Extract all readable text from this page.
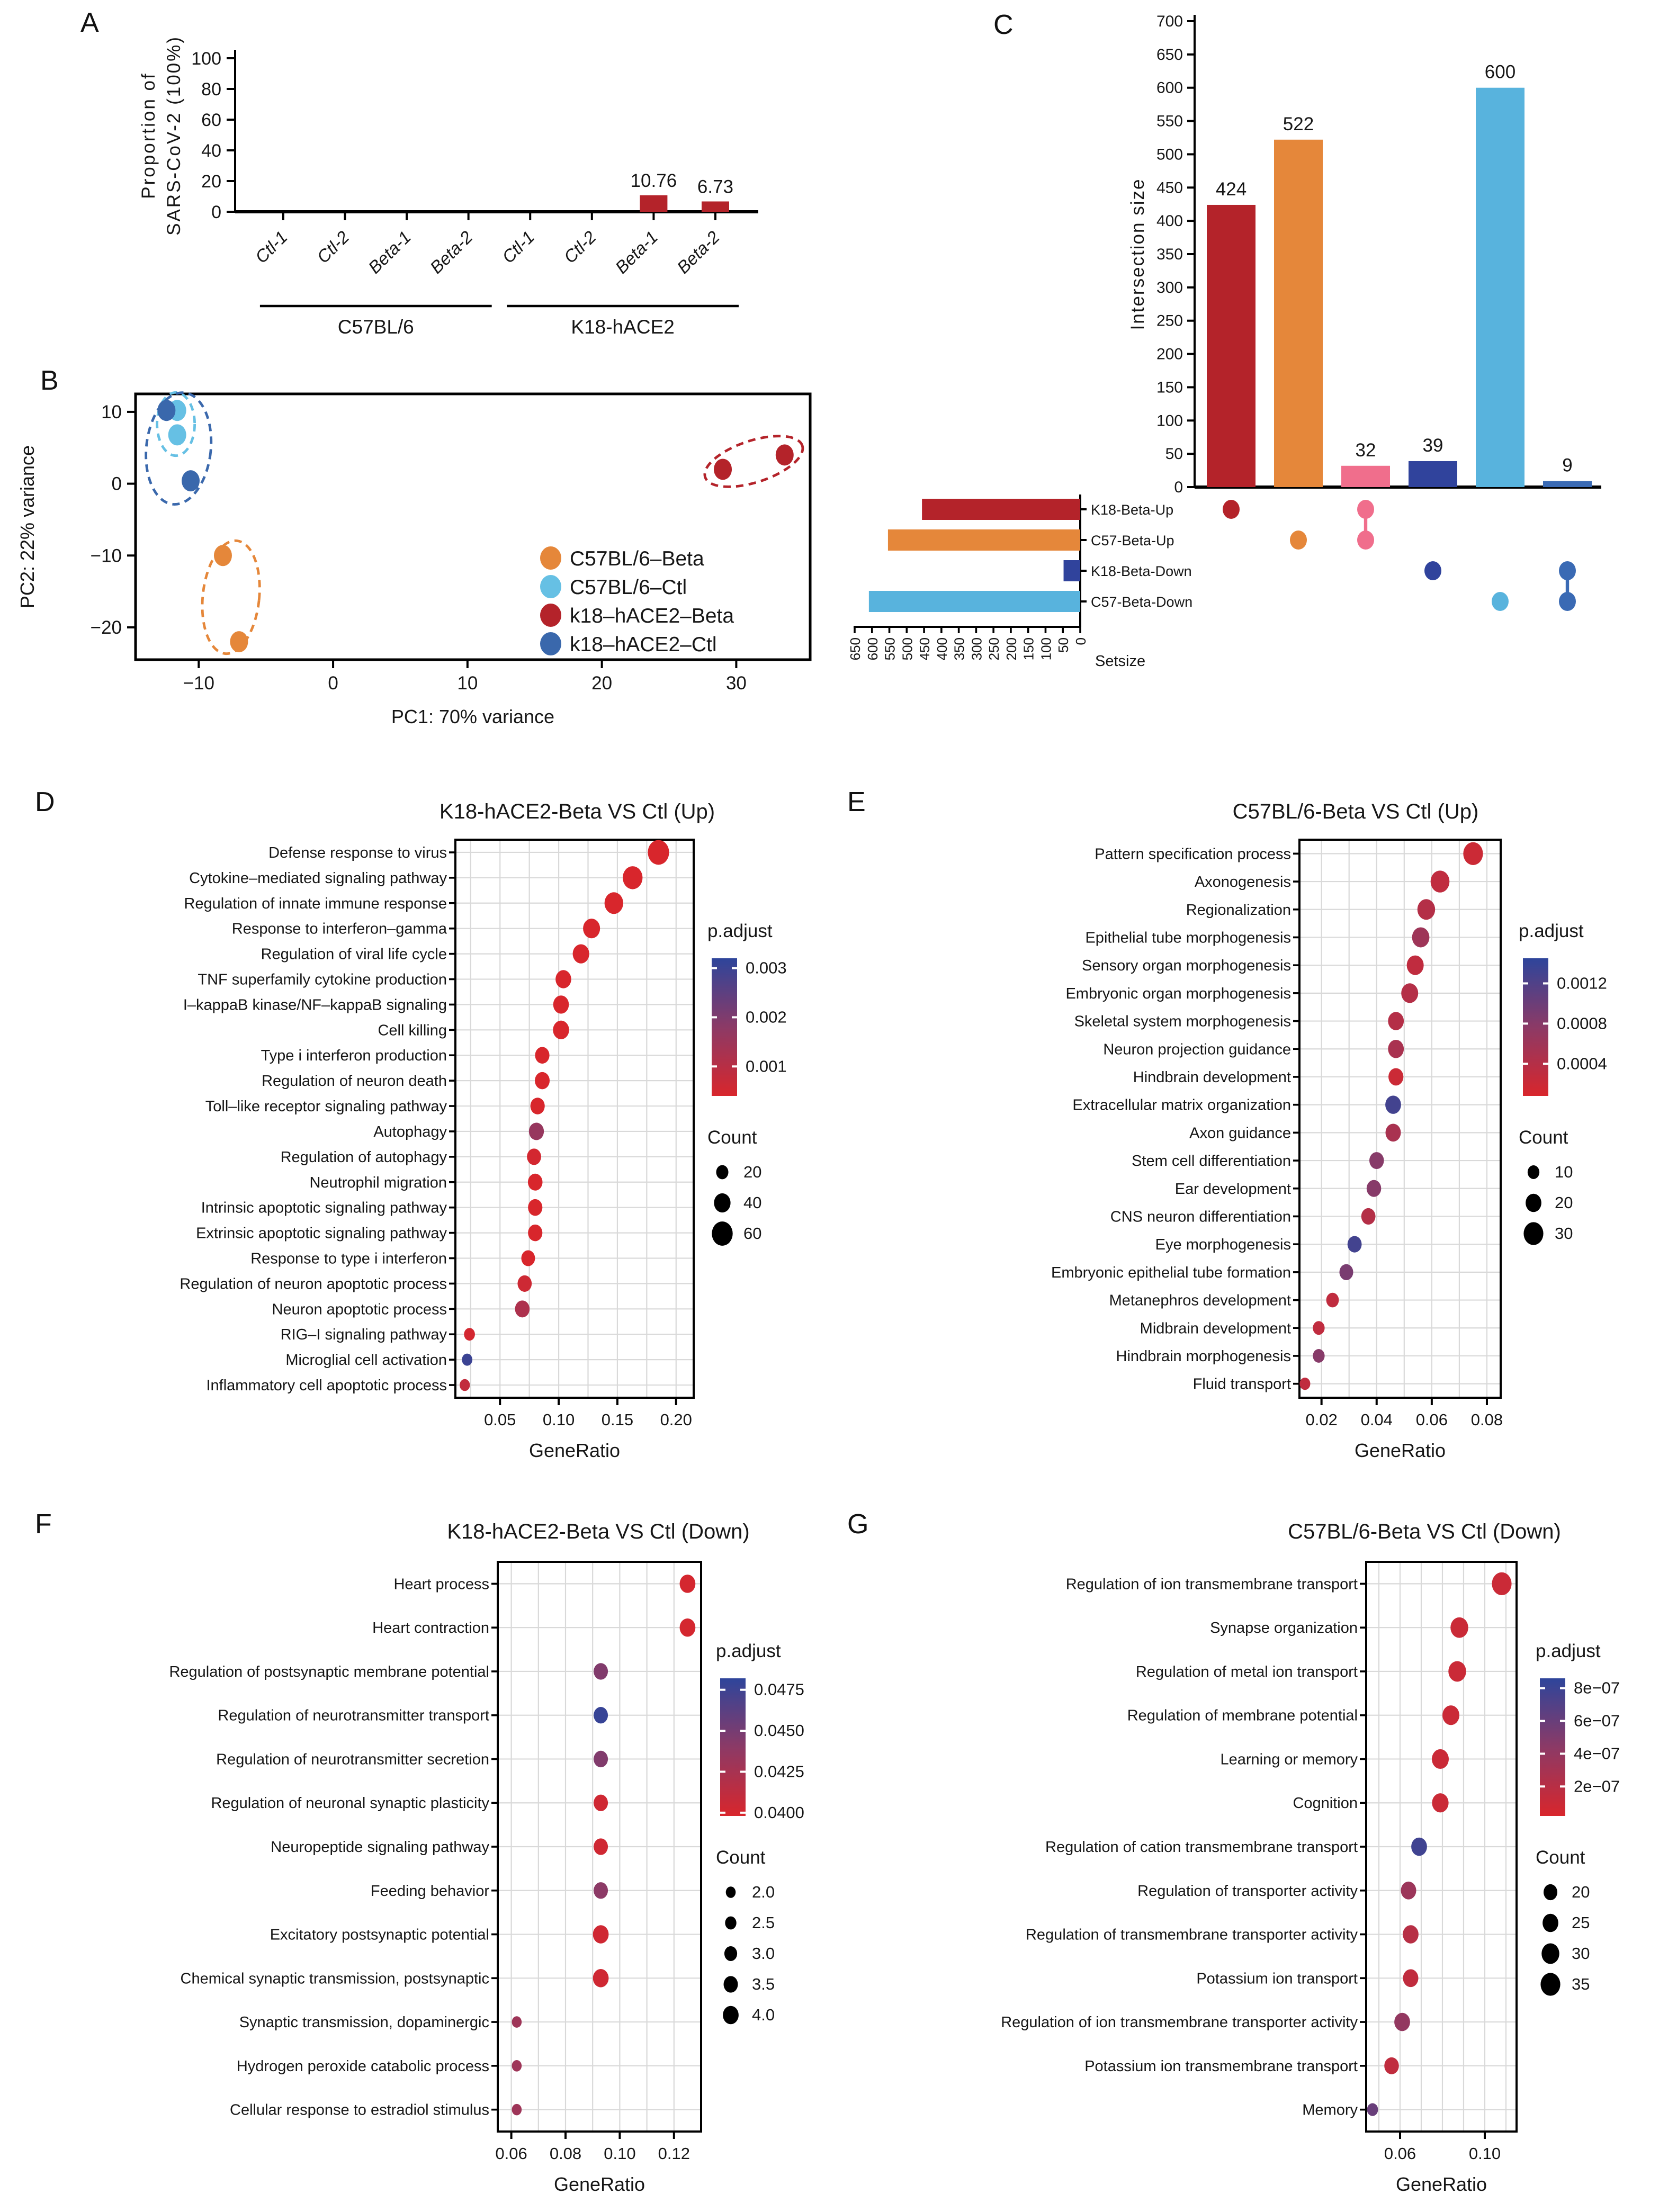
A
B
C
D	E
F	G
0
20
40
60
80
100
Proportion of SARS-CoV-2 (100%)	10.76 6.73
Ctl-1 Ctl-2 Beta-1 Beta-2 Ctl-1 Ctl-2 Beta-1 Beta-2
C57BL/6	K18-hACE2
−10	0	10	20	30
10
0
−10
−20
PC1: 70% variance
PC2: 22% variance	C57BL/6–Beta
C57BL/6–Ctl
k18–hACE2–Beta
k18–hACE2–Ctl
0
50
100
150
200
250
300
350
400
450
500
550
600
650
700
Intersection size	424
522
32	39
600
9
K18-Beta-Up
C57-Beta-Up
K18-Beta-Down
C57-Beta-Down
650 600 550 500 450 400 350 300 250 200 150 100 50 0
Setsize
K18-hACE2-Beta VS Ctl (Up)
0.05	0.10	0.15	0.20
GeneRatio
Defense response to virus
Cytokine–mediated signaling pathway
Regulation of innate immune response
Response to interferon–gamma
Regulation of viral life cycle
TNF superfamily cytokine production
I–kappaB kinase/NF–kappaB signaling
Cell killing
Type i interferon production
Regulation of neuron death
Toll–like receptor signaling pathway
Autophagy
Regulation of autophagy
Neutrophil migration
Intrinsic apoptotic signaling pathway
Extrinsic apoptotic signaling pathway
Response to type i interferon
Regulation of neuron apoptotic process
Neuron apoptotic process
RIG–I signaling pathway
Microglial cell activation
Inflammatory cell apoptotic process
p.adjust
0.003
0.002
0.001
Count
20
40
60
C57BL/6-Beta VS Ctl (Up)
0.02	0.04	0.06	0.08
GeneRatio
Pattern specification process
Axonogenesis
Regionalization
Epithelial tube morphogenesis
Sensory organ morphogenesis
Embryonic organ morphogenesis
Skeletal system morphogenesis
Neuron projection guidance
Hindbrain development
Extracellular matrix organization
Axon guidance
Stem cell differentiation
Ear development
CNS neuron differentiation
Eye morphogenesis
Embryonic epithelial tube formation
Metanephros development
Midbrain development
Hindbrain morphogenesis
Fluid transport
p.adjust
0.0012
0.0008
0.0004
Count
10
20
30
K18-hACE2-Beta VS Ctl (Down)
0.06	0.08	0.10	0.12
GeneRatio
Heart process
Heart contraction
Regulation of postsynaptic membrane potential
Regulation of neurotransmitter transport
Regulation of neurotransmitter secretion
Regulation of neuronal synaptic plasticity
Neuropeptide signaling pathway
Feeding behavior
Excitatory postsynaptic potential
Chemical synaptic transmission, postsynaptic
Synaptic transmission, dopaminergic
Hydrogen peroxide catabolic process
Cellular response to estradiol stimulus
p.adjust
0.0475
0.0450
0.0425
0.0400
Count
2.0
2.5
3.0
3.5
4.0
C57BL/6-Beta VS Ctl (Down)
0.06	0.10
GeneRatio
Regulation of ion transmembrane transport
Synapse organization
Regulation of metal ion transport
Regulation of membrane potential
Learning or memory
Cognition
Regulation of cation transmembrane transport
Regulation of transporter activity
Regulation of transmembrane transporter activity
Potassium ion transport
Regulation of ion transmembrane transporter activity
Potassium ion transmembrane transport
Memory
p.adjust
8e−07
6e−07
4e−07
2e−07
Count
20
25
30
35
